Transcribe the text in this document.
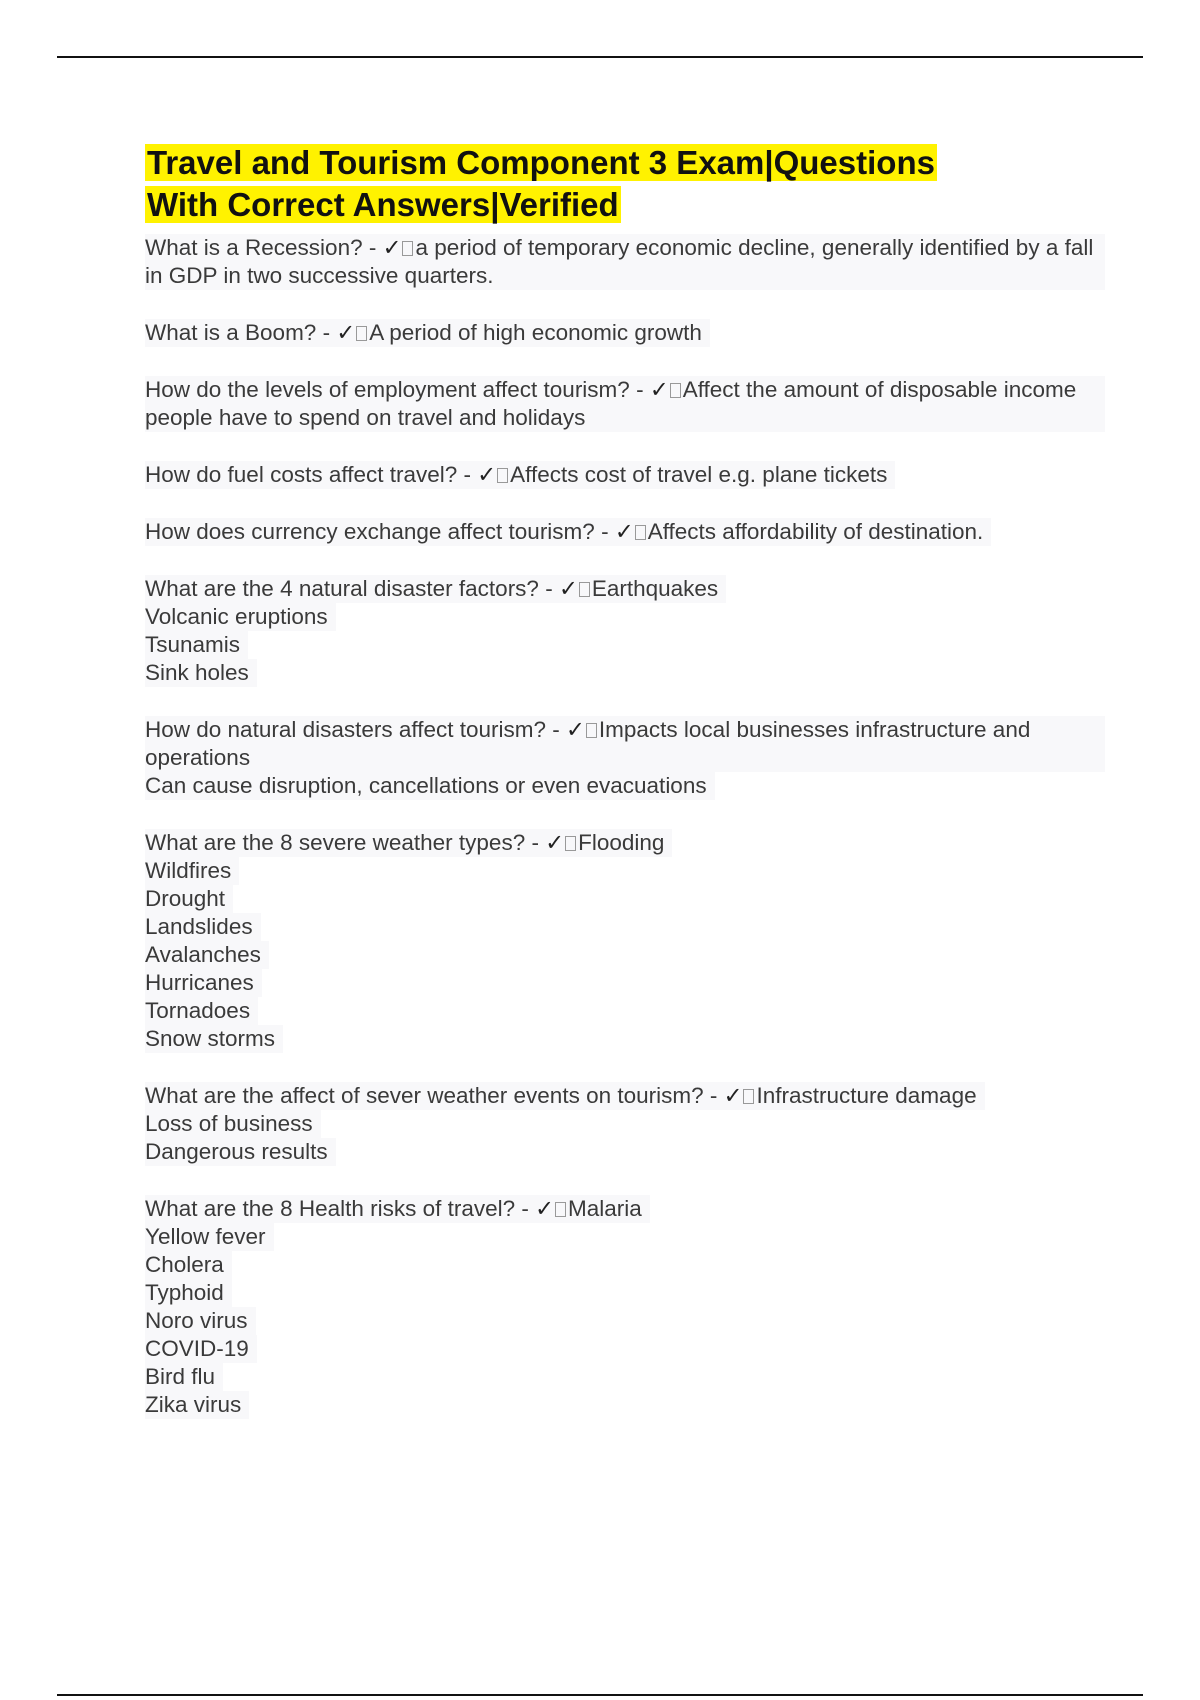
Travel and Tourism Component 3 Exam|Questions
With Correct Answers|Verified
What is a Recession? - ✓ a period of temporary economic decline, generally identified by a fall in GDP in two successive quarters.
What is a Boom? - ✓ A period of high economic growth
How do the levels of employment affect tourism? - ✓ Affect the amount of disposable income people have to spend on travel and holidays
How do fuel costs affect travel? - ✓ Affects cost of travel e.g. plane tickets
How does currency exchange affect tourism? - ✓ Affects affordability of destination.
What are the 4 natural disaster factors? - ✓ Earthquakes
Volcanic eruptions
Tsunamis
Sink holes
How do natural disasters affect tourism? - ✓ Impacts local businesses infrastructure and operations
Can cause disruption, cancellations or even evacuations
What are the 8 severe weather types? - ✓ Flooding
Wildfires
Drought
Landslides
Avalanches
Hurricanes
Tornadoes
Snow storms
What are the affect of sever weather events on tourism? - ✓ Infrastructure damage
Loss of business
Dangerous results
What are the 8 Health risks of travel? - ✓ Malaria
Yellow fever
Cholera
Typhoid
Noro virus
COVID-19
Bird flu
Zika virus
